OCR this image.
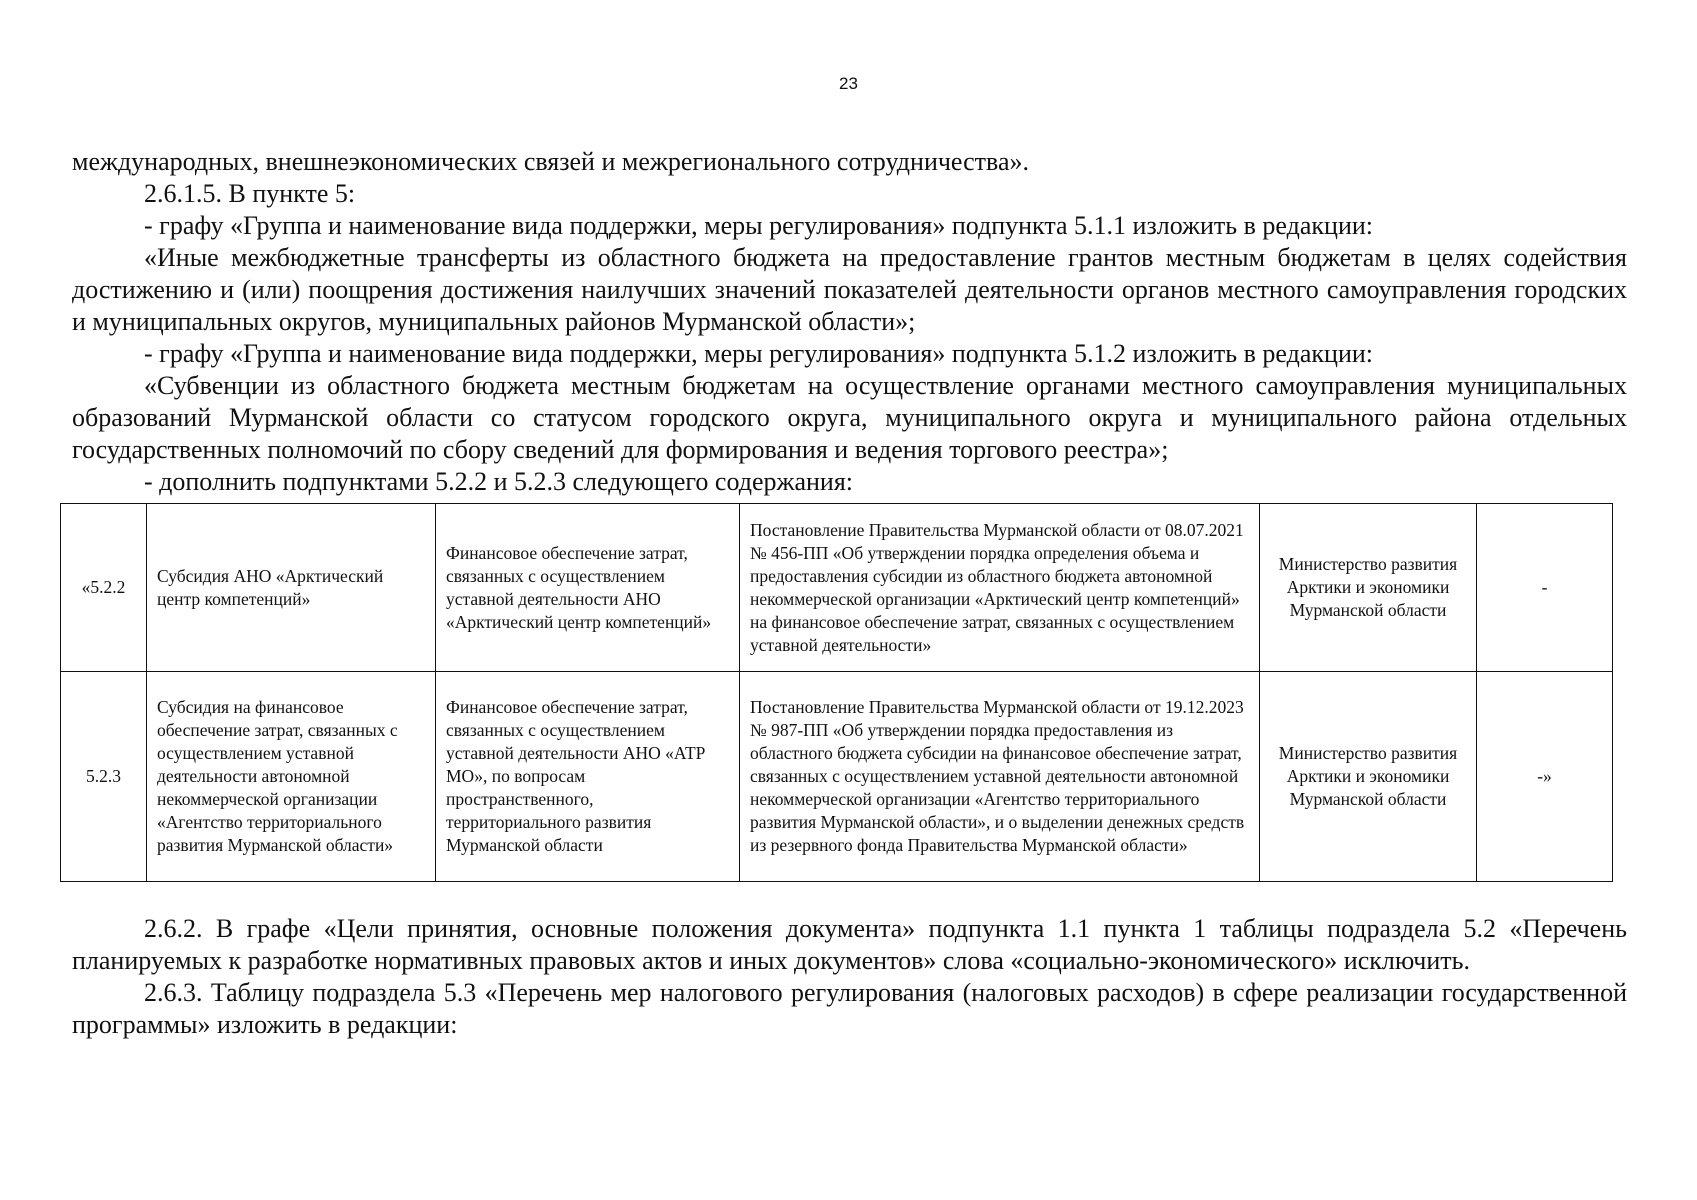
23

международных, внешнеэкономических связей и межрегионального сотрудничества».

2.6.1.5. В пункте 5:

- графу «Группа и наименование вида поддержки, меры регулирования» подпункта 5.1.1 изложить в редакции:

«Иные межбюджетные трансферты из областного бюджета на предоставление грантов местным бюджетам в целях содействия достижению и (или) поощрения достижения наилучших значений показателей деятельности органов местного самоуправления городских и муниципальных округов, муниципальных районов Мурманской области»;

- графу «Группа и наименование вида поддержки, меры регулирования» подпункта 5.1.2 изложить в редакции:

«Субвенции из областного бюджета местным бюджетам на осуществление органами местного самоуправления муниципальных образований Мурманской области со статусом городского округа, муниципального округа и муниципального района отдельных государственных полномочий по сбору сведений для формирования и ведения торгового реестра»;

- дополнить подпунктами 5.2.2 и 5.2.3 следующего содержания:

«5.2.2	Субсидия АНО «Арктический центр компетенций»	Финансовое обеспечение затрат, связанных с осуществлением уставной деятельности АНО «Арктический центр компетенций»	Постановление Правительства Мурманской области от 08.07.2021 № 456-ПП «Об утверждении порядка определения объема и предоставления субсидии из областного бюджета автономной некоммерческой организации «Арктический центр компетенций» на финансовое обеспечение затрат, связанных с осуществлением уставной деятельности»	Министерство развития Арктики и экономики Мурманской области	-
5.2.3	Субсидия на финансовое обеспечение затрат, связанных с осуществлением уставной деятельности автономной некоммерческой организации «Агентство территориального развития Мурманской области»	Финансовое обеспечение затрат, связанных с осуществлением уставной деятельности АНО «АТР МО», по вопросам пространственного, территориального развития Мурманской области	Постановление Правительства Мурманской области от 19.12.2023 № 987-ПП «Об утверждении порядка предоставления из областного бюджета субсидии на финансовое обеспечение затрат, связанных с осуществлением уставной деятельности автономной некоммерческой организации «Агентство территориального развития Мурманской области», и о выделении денежных средств из резервного фонда Правительства Мурманской области»	Министерство развития Арктики и экономики Мурманской области	-»

2.6.2. В графе «Цели принятия, основные положения документа» подпункта 1.1 пункта 1 таблицы подраздела 5.2 «Перечень планируемых к разработке нормативных правовых актов и иных документов» слова «социально-экономического» исключить.

2.6.3. Таблицу подраздела 5.3 «Перечень мер налогового регулирования (налоговых расходов) в сфере реализации государственной программы» изложить в редакции:
